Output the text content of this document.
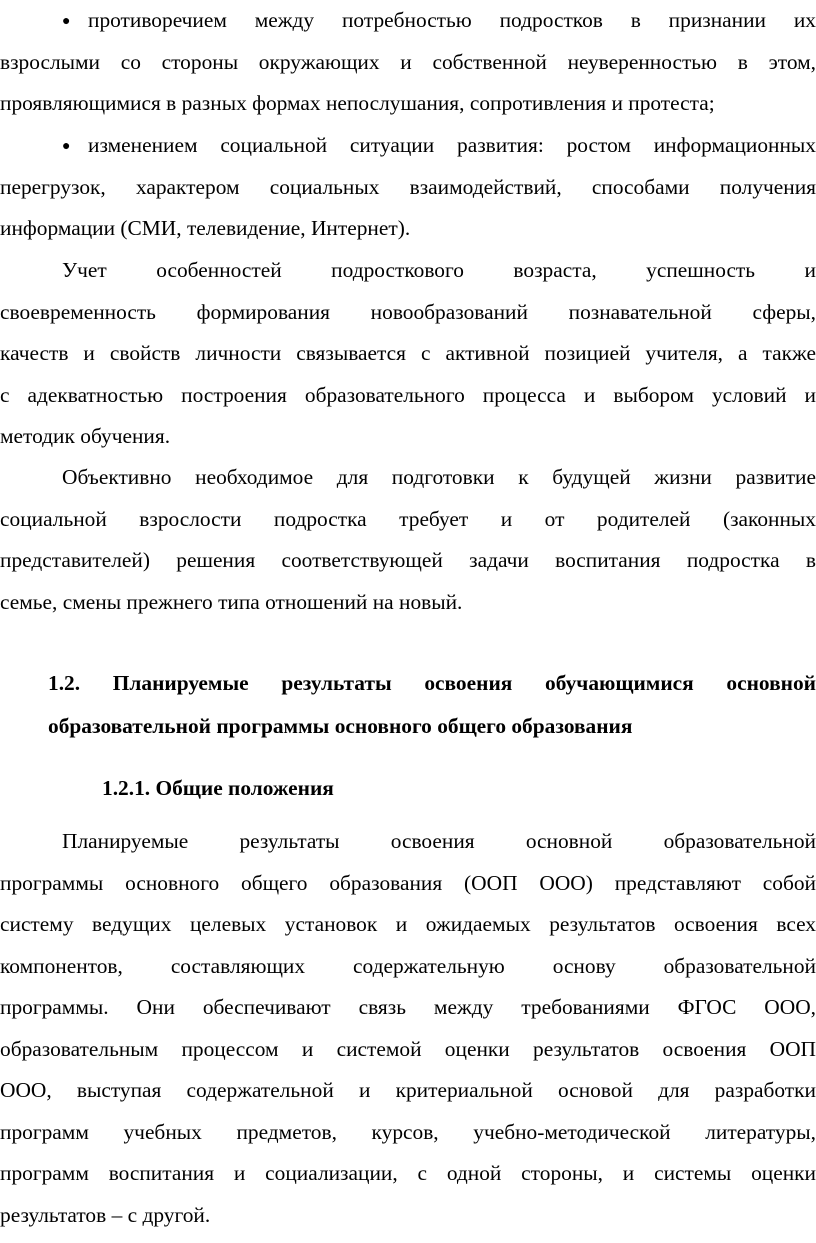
● противоречием между потребностью подростков в признании их
взрослыми со стороны окружающих и собственной неуверенностью в этом,
проявляющимися в разных формах непослушания, сопротивления и протеста;
● изменением социальной ситуации развития: ростом информационных
перегрузок, характером социальных взаимодействий, способами получения
информации (СМИ, телевидение, Интернет).
Учет особенностей подросткового возраста, успешность и
своевременность формирования новообразований познавательной сферы,
качеств и свойств личности связывается с активной позицией учителя, а также
с адекватностью построения образовательного процесса и выбором условий и
методик обучения.
Объективно необходимое для подготовки к будущей жизни развитие
социальной взрослости подростка требует и от родителей (законных
представителей) решения соответствующей задачи воспитания подростка в
семье, смены прежнего типа отношений на новый.
1.2. Планируемые результаты освоения обучающимися основной
образовательной программы основного общего образования
1.2.1. Общие положения
Планируемые результаты освоения основной образовательной
программы основного общего образования (ООП ООО) представляют собой
систему ведущих целевых установок и ожидаемых результатов освоения всех
компонентов, составляющих содержательную основу образовательной
программы. Они обеспечивают связь между требованиями ФГОС ООО,
образовательным процессом и системой оценки результатов освоения ООП
ООО, выступая содержательной и критериальной основой для разработки
программ учебных предметов, курсов, учебно-методической литературы,
программ воспитания и социализации, с одной стороны, и системы оценки
результатов – с другой.
